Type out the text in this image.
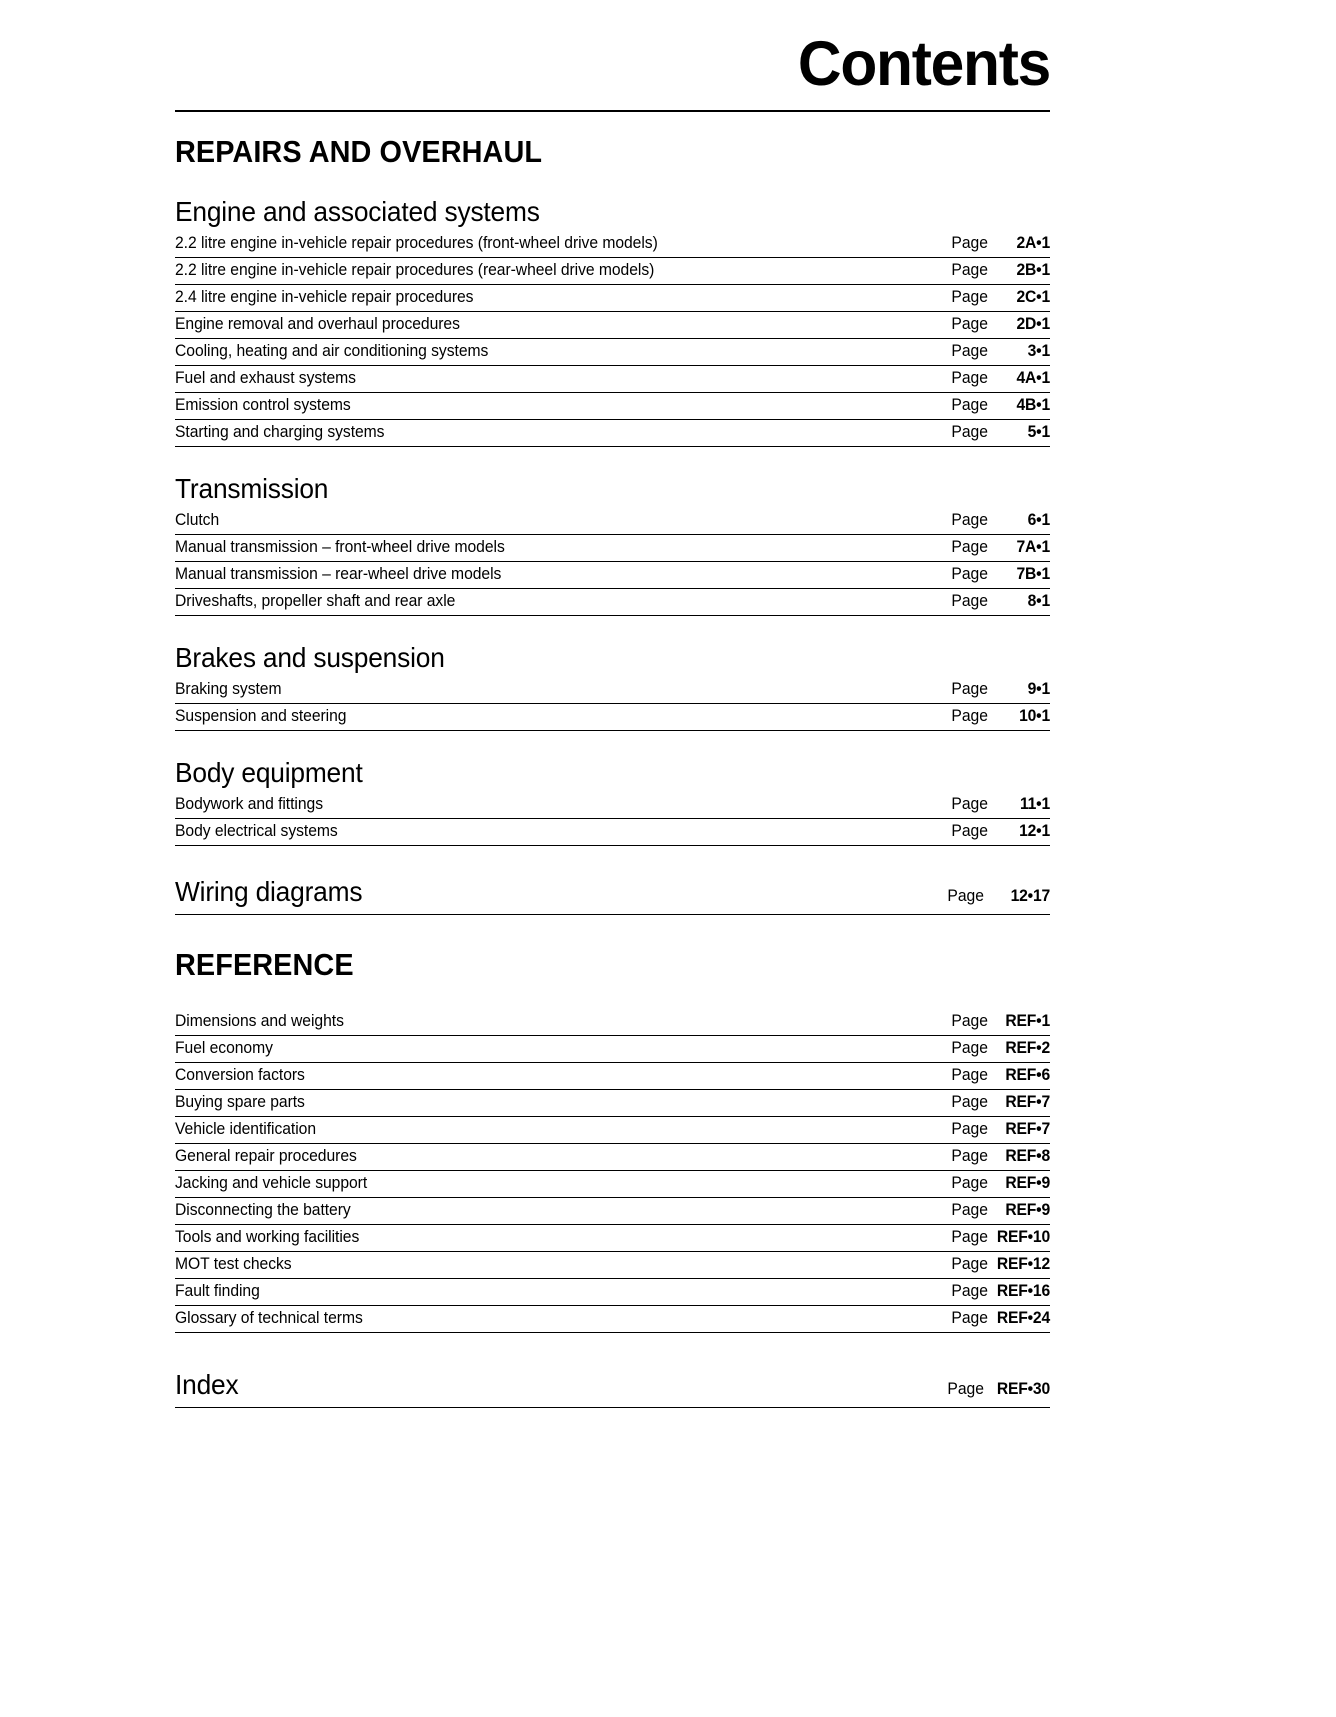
Contents
REPAIRS AND OVERHAUL
Engine and associated systems
2.2 litre engine in-vehicle repair procedures (front-wheel drive models)	Page	2A•1
2.2 litre engine in-vehicle repair procedures (rear-wheel drive models)	Page	2B•1
2.4 litre engine in-vehicle repair procedures	Page	2C•1
Engine removal and overhaul procedures	Page	2D•1
Cooling, heating and air conditioning systems	Page	3•1
Fuel and exhaust systems	Page	4A•1
Emission control systems	Page	4B•1
Starting and charging systems	Page	5•1
Transmission
Clutch	Page	6•1
Manual transmission – front-wheel drive models	Page	7A•1
Manual transmission – rear-wheel drive models	Page	7B•1
Driveshafts, propeller shaft and rear axle	Page	8•1
Brakes and suspension
Braking system	Page	9•1
Suspension and steering	Page	10•1
Body equipment
Bodywork and fittings	Page	11•1
Body electrical systems	Page	12•1
Wiring diagrams	Page	12•17
REFERENCE
Dimensions and weights	Page	REF•1
Fuel economy	Page	REF•2
Conversion factors	Page	REF•6
Buying spare parts	Page	REF•7
Vehicle identification	Page	REF•7
General repair procedures	Page	REF•8
Jacking and vehicle support	Page	REF•9
Disconnecting the battery	Page	REF•9
Tools and working facilities	Page REF•10
MOT test checks	Page REF•12
Fault finding	Page REF•16
Glossary of technical terms	Page REF•24
Index	Page REF•30
